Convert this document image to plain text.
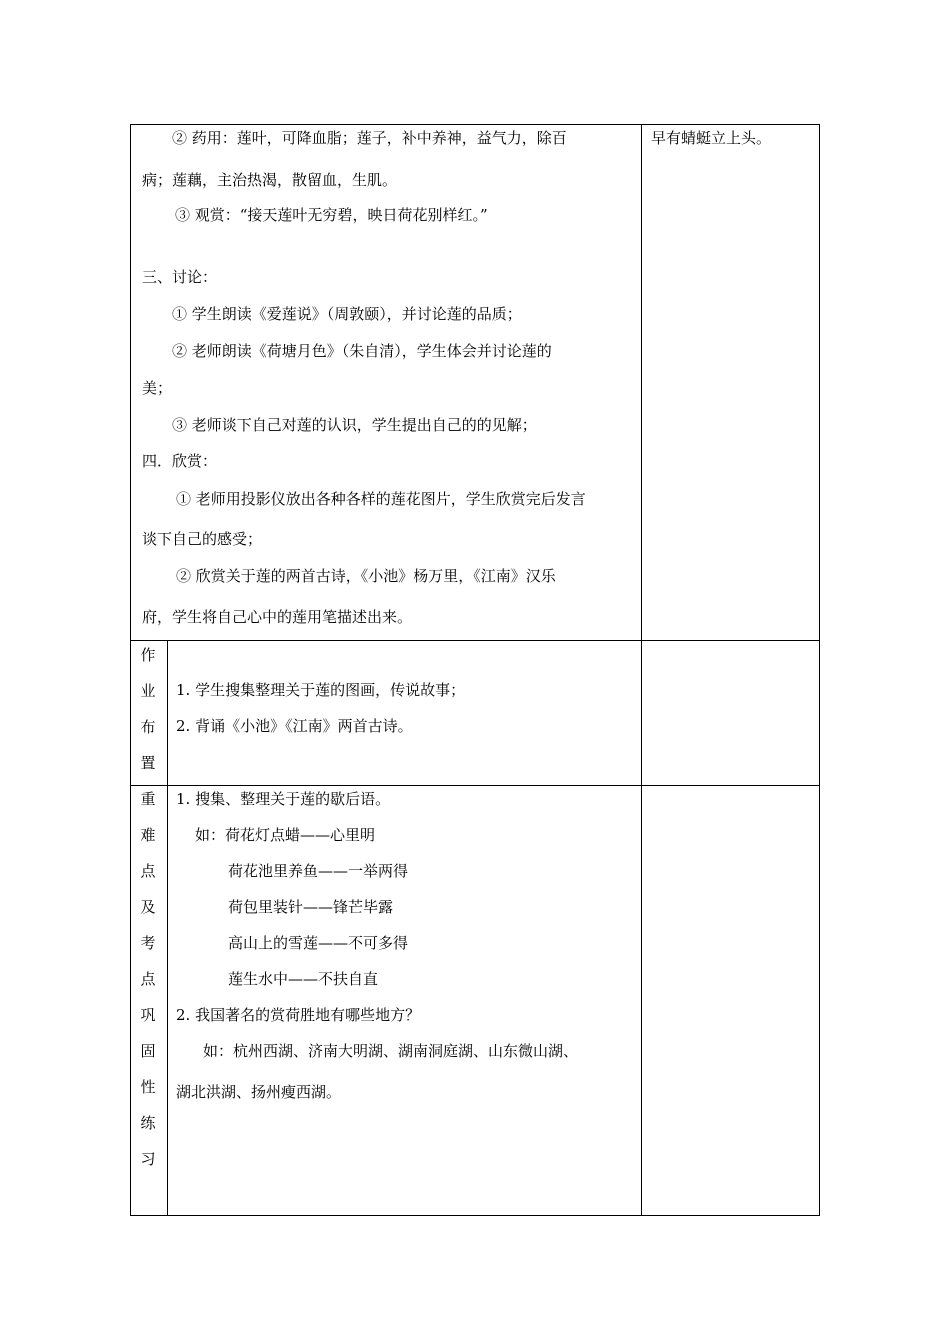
② 药用：莲叶，可降血脂；莲子，补中养神，益气力，除百
病；莲藕，主治热渴，散留血，生肌。
③ 观赏：“接天莲叶无穷碧，映日荷花别样红。”
三、讨论：
① 学生朗读《爱莲说》（周敦颐），并讨论莲的品质；
② 老师朗读《荷塘月色》（朱自清），学生体会并讨论莲的
美；
③ 老师谈下自己对莲的认识，学生提出自己的的见解；
四．欣赏：
① 老师用投影仪放出各种各样的莲花图片，学生欣赏完后发言
谈下自己的感受；
② 欣赏关于莲的两首古诗，《小池》杨万里，《江南》汉乐
府，学生将自己心中的莲用笔描述出来。
早有蜻蜓立上头。
作
业
布
置
1. 学生搜集整理关于莲的图画，传说故事；
2. 背诵《小池》《江南》两首古诗。
重
难
点
及
考
点
巩
固
性
练
习
1. 搜集、整理关于莲的歇后语。
如：荷花灯点蜡——心里明
荷花池里养鱼——一举两得
荷包里装针——锋芒毕露
高山上的雪莲——不可多得
莲生水中——不扶自直
2. 我国著名的赏荷胜地有哪些地方？
如：杭州西湖、济南大明湖、湖南洞庭湖、山东微山湖、
湖北洪湖、扬州瘦西湖。
